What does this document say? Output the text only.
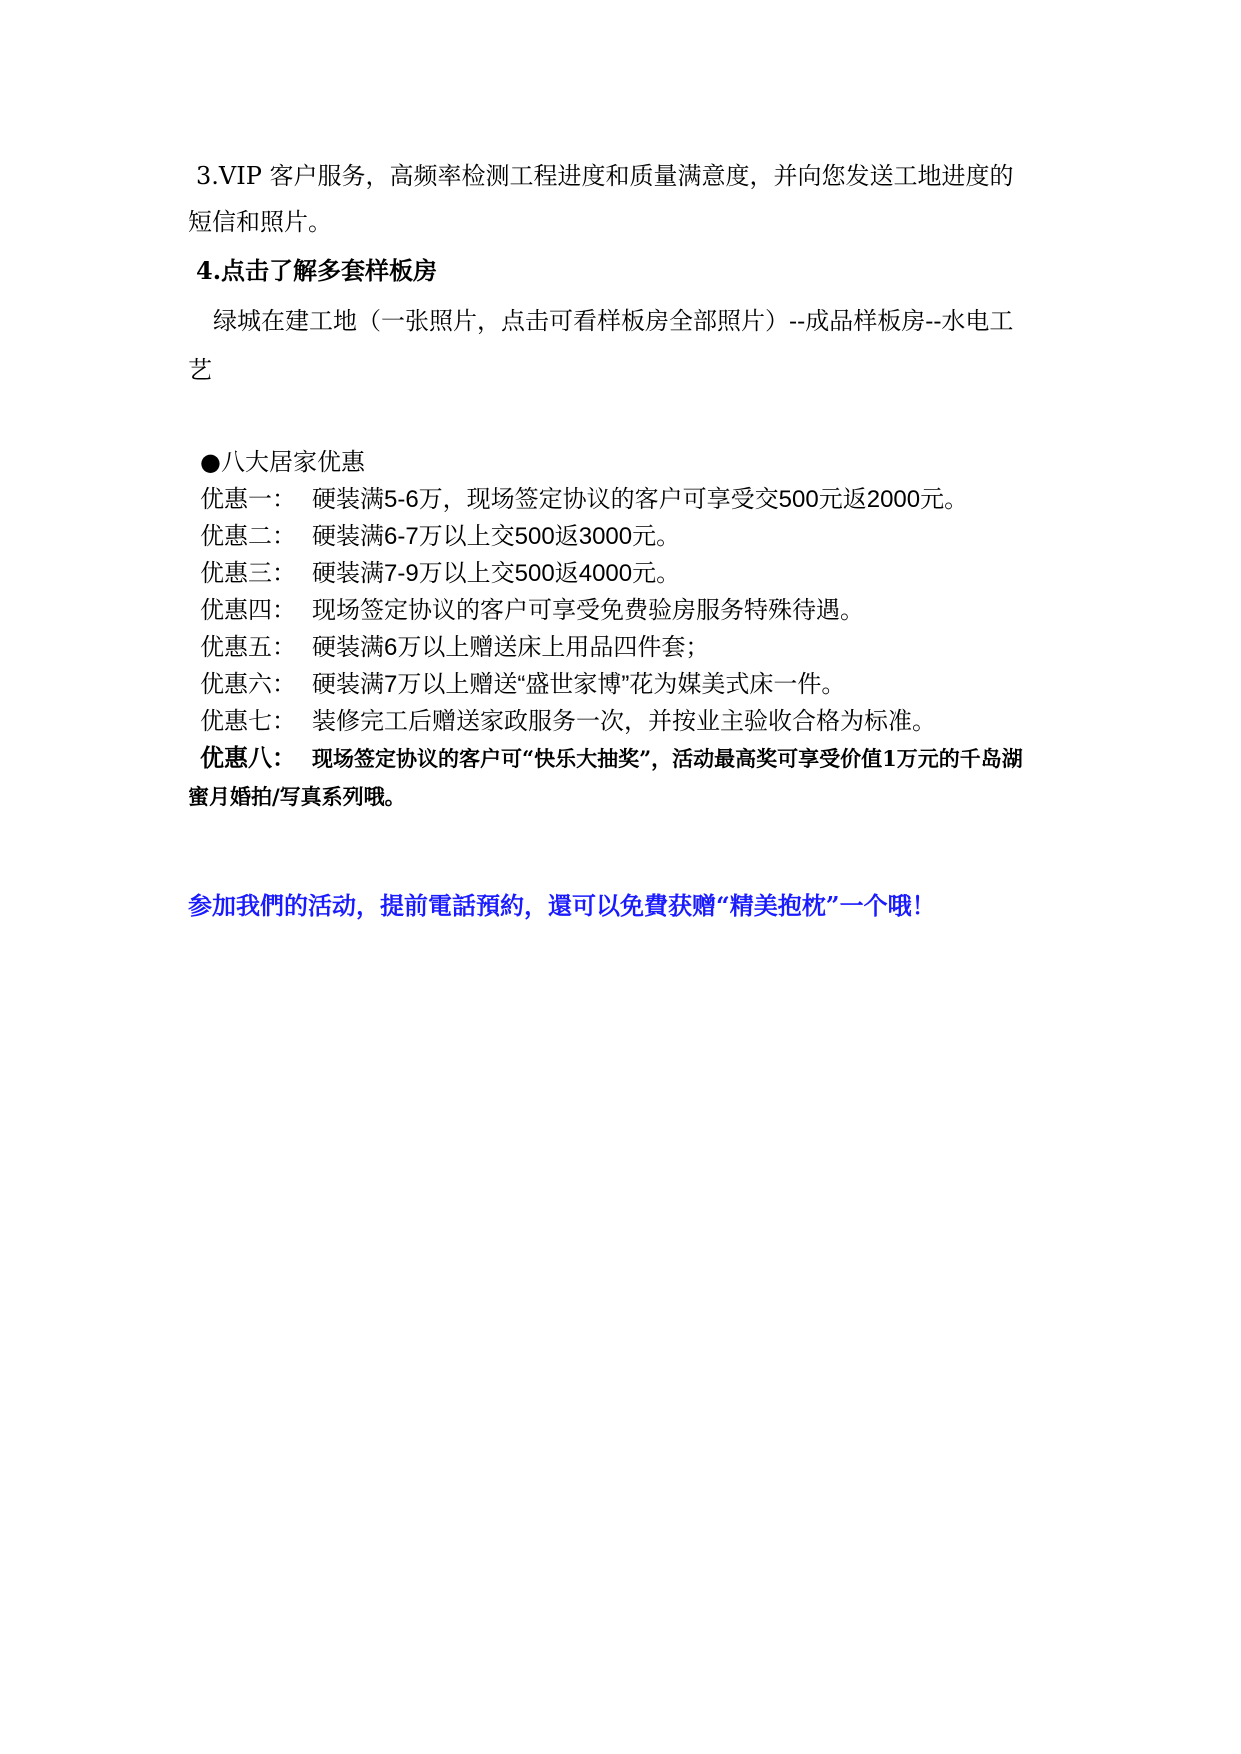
3.VIP 客户服务，高频率检测工程进度和质量满意度，并向您发送工地进度的
短信和照片。
4.点击了解多套样板房
绿城在建工地（一张照片，点击可看样板房全部照片）--成品样板房--水电工
艺
●八大居家优惠
优惠一： 硬装满5-6万，现场签定协议的客户可享受交500元返2000元。
优惠二： 硬装满6-7万以上交500返3000元。
优惠三： 硬装满7-9万以上交500返4000元。
优惠四： 现场签定协议的客户可享受免费验房服务特殊待遇。
优惠五： 硬装满6万以上赠送床上用品四件套；
优惠六： 硬装满7万以上赠送“盛世家博”花为媒美式床一件。
优惠七： 装修完工后赠送家政服务一次，并按业主验收合格为标准。
优惠八： 现场签定协议的客户可“快乐大抽奖”，活动最高奖可享受价值1万元的千岛湖
蜜月婚拍/写真系列哦。
参加我們的活动，提前電話預約，還可以免費获赠“精美抱枕”一个哦！
